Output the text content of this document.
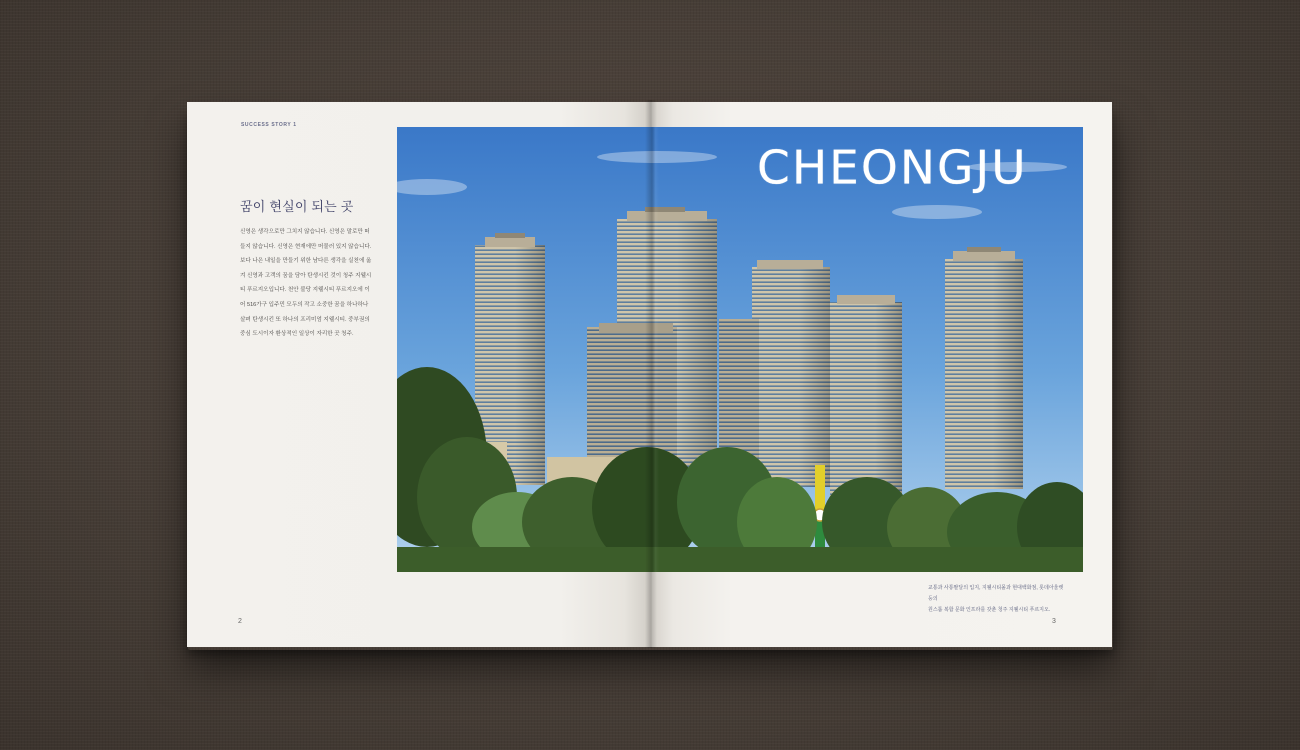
SUCCESS STORY 1
꿈이 현실이 되는 곳
신영은 생각으로만 그치지 않습니다. 신영은 말로만 떠
들지 않습니다. 신영은 현재에만 머물러 있지 않습니다.
보다 나은 내일을 만들기 위한 남다른 생각을 실천에 옮
겨 신영과 고객의 꿈을 담아 탄생시킨 것이 청주 지웰시
티 푸르지오입니다. 천안 불당 지웰시티 푸르지오에 이
어 516가구 입주민 모두의 작고 소중한 꿈을 하나하나
살펴 탄생시킨 또 하나의 프리미엄 지웰시티. 중부권의
중심 도시이자 환상적인 일상이 자리한 곳 청주.
2	3
교통과 사통팔달의 입지, 지웰시티몰과 현대백화점, 롯데아울렛 등의
원스톱 복합 문화 인프라를 갖춘 청주 지웰시티 푸르지오.
CHEONGJU
